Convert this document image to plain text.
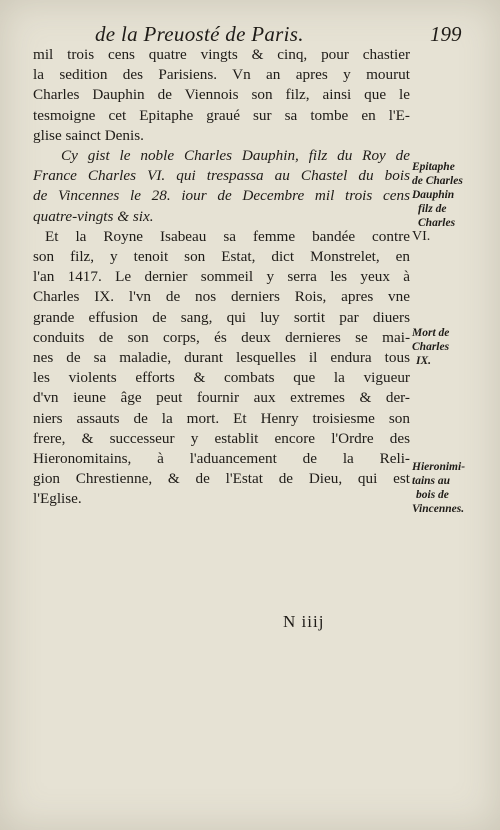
de la Preuosté de Paris.	199
mil trois cens quatre vingts & cinq, pour chastier
la sedition des Parisiens. Vn an apres y mourut
Charles Dauphin de Viennois son filz, ainsi que le
tesmoigne cet Epitaphe graué sur sa tombe en l'E-
glise sainct Denis.
Cy gist le noble Charles Dauphin, filz du Roy de
France Charles VI. qui trespassa au Chastel du bois
de Vincennes le 28. iour de Decembre mil trois cens
quatre-vingts & six.
Et la Royne Isabeau sa femme bandée contre
son filz, y tenoit son Estat, dict Monstrelet, en
l'an 1417. Le dernier sommeil y serra les yeux à
Charles IX. l'vn de nos derniers Rois, apres vne
grande effusion de sang, qui luy sortit par diuers
conduits de son corps, és deux dernieres se mai-
nes de sa maladie, durant lesquelles il endura tous
les violents efforts & combats que la vigueur
d'vn ieune âge peut fournir aux extremes & der-
niers assauts de la mort. Et Henry troisiesme son
frere, & successeur y establit encore l'Ordre des
Hieronomitains, à l'aduancement de la Reli-
gion Chrestienne, & de l'Estat de Dieu, qui est
l'Eglise.
Epitaphe
de Charles
Dauphin
filz de
Charles
VI.
Mort de
Charles
IX.
Hieronimi-
tains au
bois de
Vincennes.
N iiij
